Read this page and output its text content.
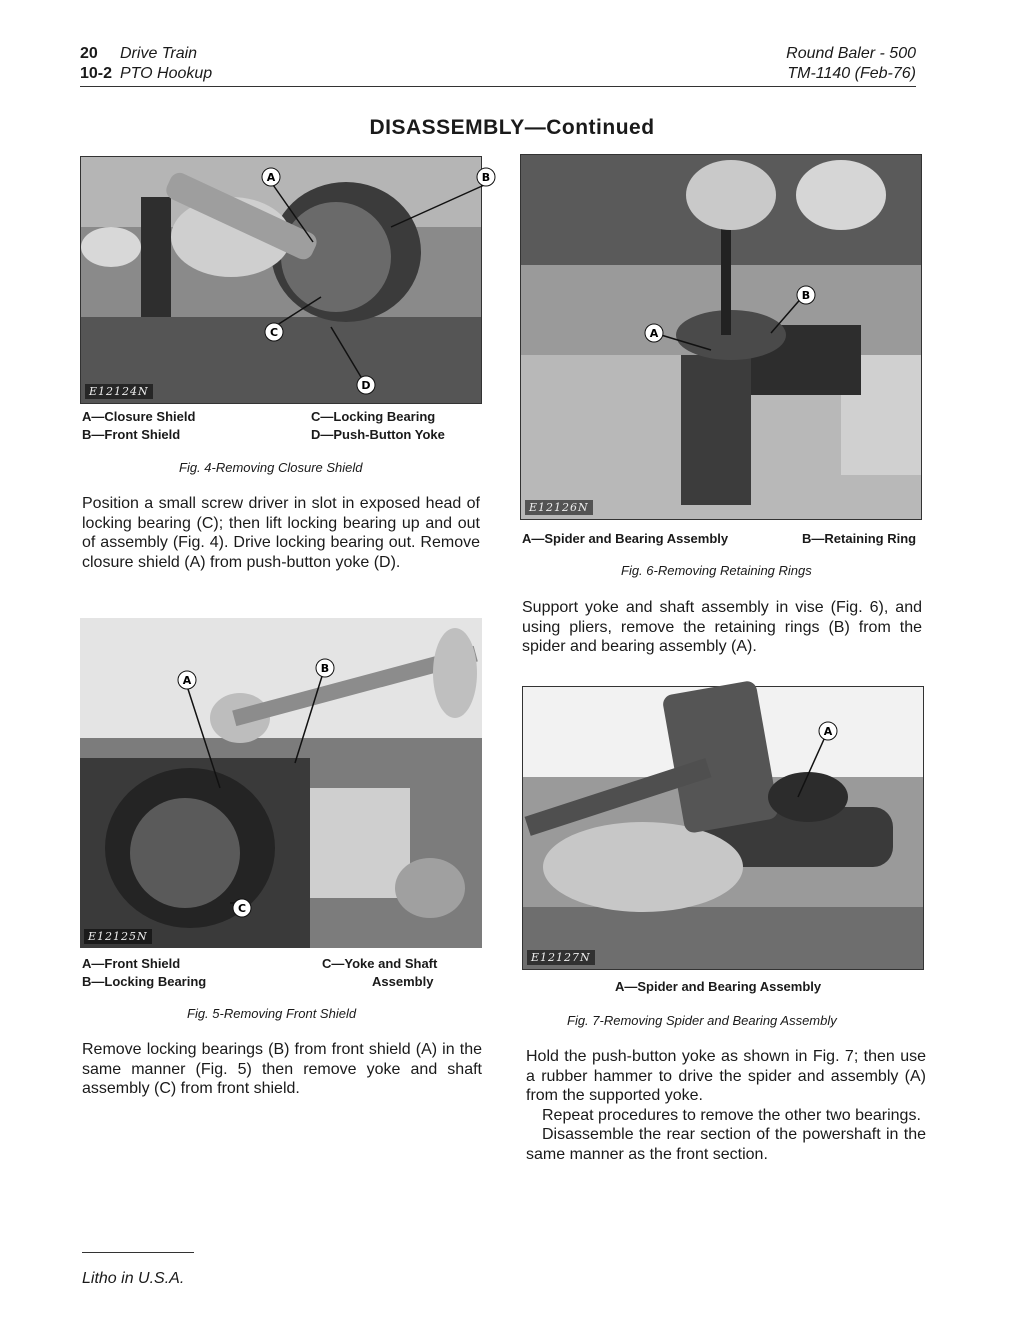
20 Drive Train
10-2 PTO Hookup
Round Baler - 500
TM-1140 (Feb-76)
DISASSEMBLY—Continued
A	B
C
D
E12124N
A—Closure Shield
B—Front Shield
C—Locking Bearing
D—Push-Button Yoke
Fig. 4-Removing Closure Shield

Position a small screw driver in slot in exposed head of locking bearing (C); then lift locking bearing up and out of assembly (Fig. 4). Drive locking bearing out. Remove closure shield (A) from push-button yoke (D).

A
B
E12126N
A—Spider and Bearing Assembly	B—Retaining Ring
Fig. 6-Removing Retaining Rings

Support yoke and shaft assembly in vise (Fig. 6), and using pliers, remove the retaining rings (B) from the spider and bearing assembly (A).

A
B
C
E12125N
A—Front Shield
B—Locking Bearing
C—Yoke and Shaft
Assembly
Fig. 5-Removing Front Shield

Remove locking bearings (B) from front shield (A) in the same manner (Fig. 5) then remove yoke and shaft assembly (C) from front shield.

A
E12127N
A—Spider and Bearing Assembly
Fig. 7-Removing Spider and Bearing Assembly

Hold the push-button yoke as shown in Fig. 7; then use a rubber hammer to drive the spider and assembly (A) from the supported yoke.

Repeat procedures to remove the other two bearings.

Disassemble the rear section of the powershaft in the same manner as the front section.

Litho in U.S.A.
